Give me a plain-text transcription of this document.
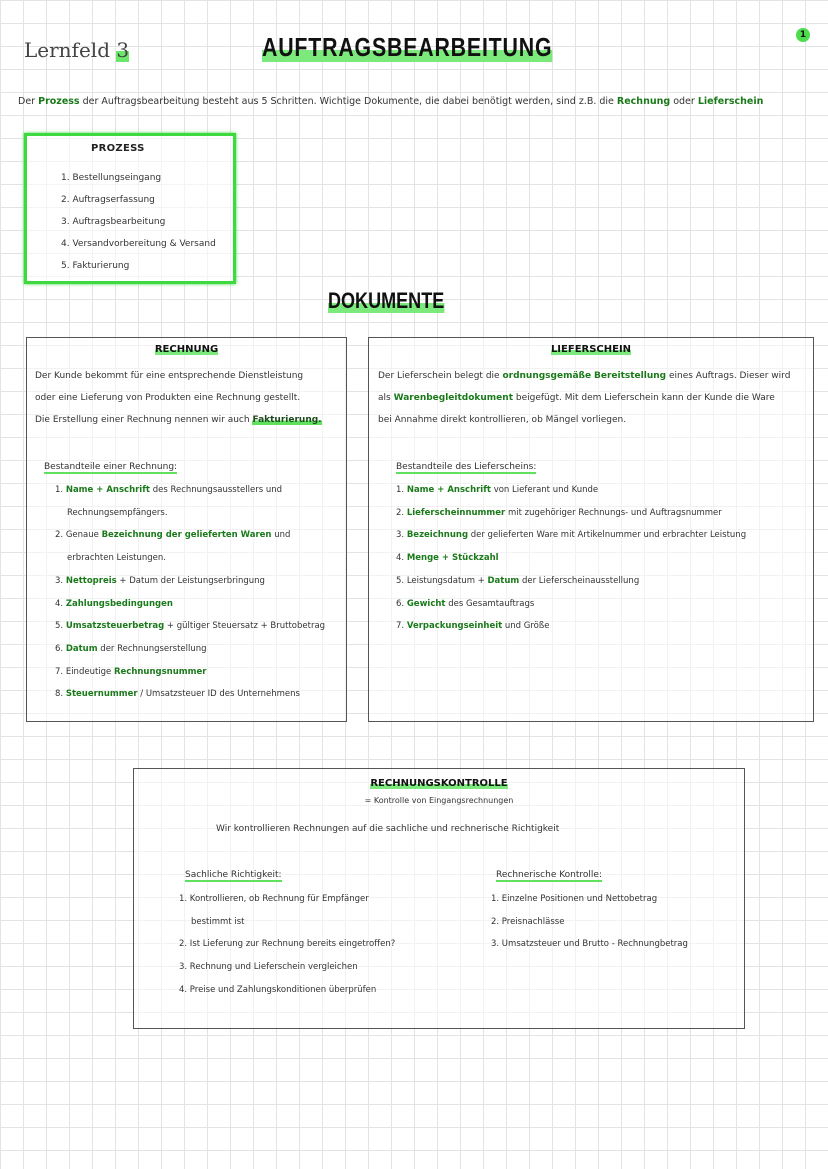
Lernfeld 3	AUFTRAGSBEARBEITUNG	1
Der Prozess der Auftragsbearbeitung besteht aus 5 Schritten. Wichtige Dokumente, die dabei benötigt werden, sind z.B. die Rechnung oder Lieferschein
PROZESS
1. Bestellungseingang
2. Auftragserfassung
3. Auftragsbearbeitung
4. Versandvorbereitung & Versand
5. Fakturierung
DOKUMENTE
RECHNUNG
Der Kunde bekommt für eine entsprechende Dienstleistung
oder eine Lieferung von Produkten eine Rechnung gestellt.
Die Erstellung einer Rechnung nennen wir auch Fakturierung.
Bestandteile einer Rechnung:
1. Name + Anschrift des Rechnungsausstellers und
Rechnungsempfängers.
2. Genaue Bezeichnung der gelieferten Waren und
erbrachten Leistungen.
3. Nettopreis + Datum der Leistungserbringung
4. Zahlungsbedingungen
5. Umsatzsteuerbetrag + gültiger Steuersatz + Bruttobetrag
6. Datum der Rechnungserstellung
7. Eindeutige Rechnungsnummer
8. Steuernummer / Umsatzsteuer ID des Unternehmens
LIEFERSCHEIN
Der Lieferschein belegt die ordnungsgemäße Bereitstellung eines Auftrags. Dieser wird
als Warenbegleitdokument beigefügt. Mit dem Lieferschein kann der Kunde die Ware
bei Annahme direkt kontrollieren, ob Mängel vorliegen.
Bestandteile des Lieferscheins:
1. Name + Anschrift von Lieferant und Kunde
2. Lieferscheinnummer mit zugehöriger Rechnungs- und Auftragsnummer
3. Bezeichnung der gelieferten Ware mit Artikelnummer und erbrachter Leistung
4. Menge + Stückzahl
5. Leistungsdatum + Datum der Lieferscheinausstellung
6. Gewicht des Gesamtauftrags
7. Verpackungseinheit und Größe
RECHNUNGSKONTROLLE
= Kontrolle von Eingangsrechnungen
Wir kontrollieren Rechnungen auf die sachliche und rechnerische Richtigkeit
Sachliche Richtigkeit:
1. Kontrollieren, ob Rechnung für Empfänger
bestimmt ist
2. Ist Lieferung zur Rechnung bereits eingetroffen?
3. Rechnung und Lieferschein vergleichen
4. Preise und Zahlungskonditionen überprüfen
Rechnerische Kontrolle:
1. Einzelne Positionen und Nettobetrag
2. Preisnachlässe
3. Umsatzsteuer und Brutto - Rechnungbetrag
